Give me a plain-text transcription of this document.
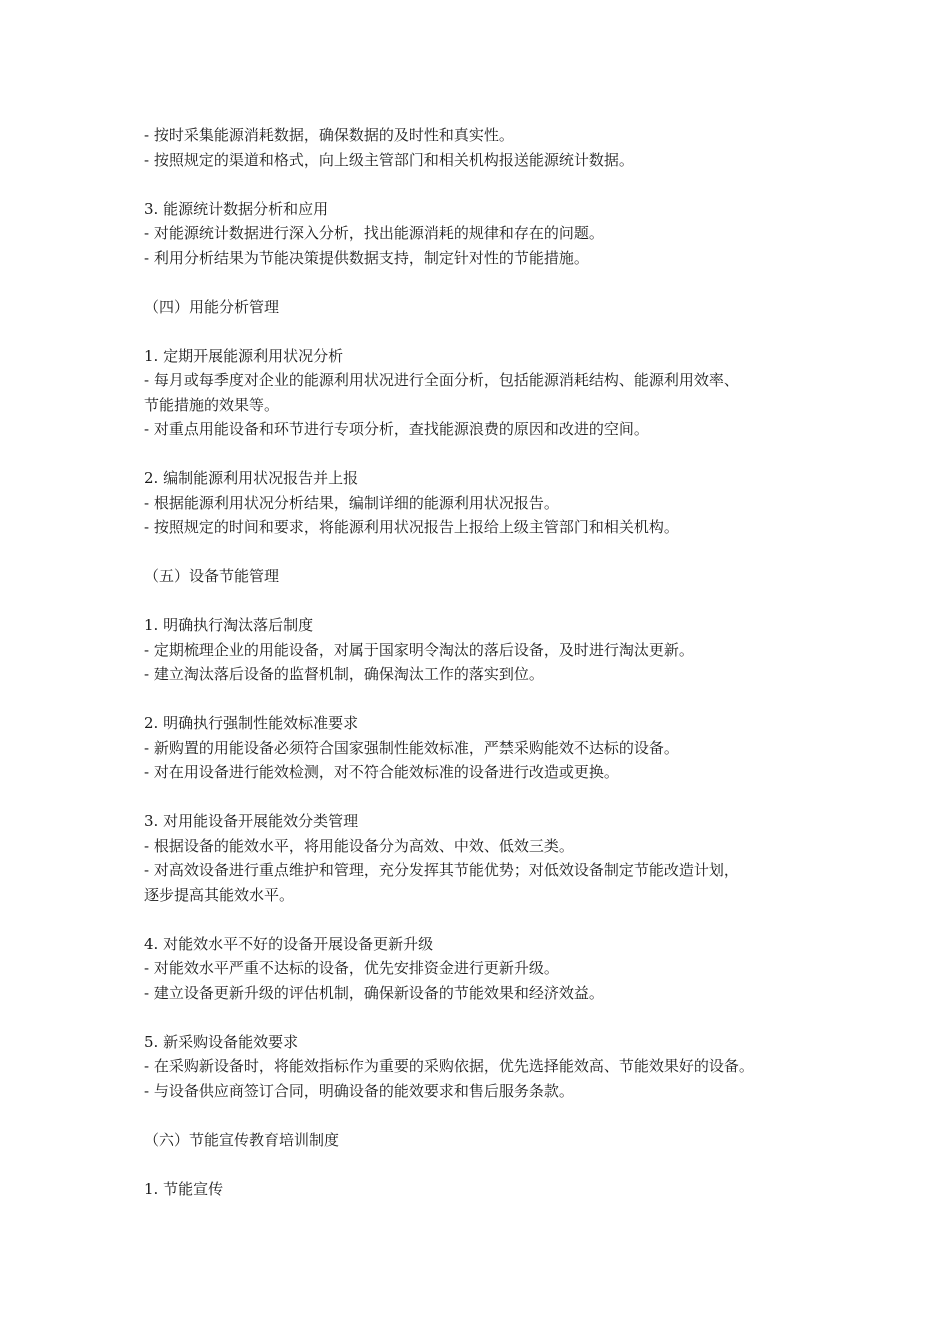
- 按时采集能源消耗数据，确保数据的及时性和真实性。
- 按照规定的渠道和格式，向上级主管部门和相关机构报送能源统计数据。
3. 能源统计数据分析和应用
- 对能源统计数据进行深入分析，找出能源消耗的规律和存在的问题。
- 利用分析结果为节能决策提供数据支持，制定针对性的节能措施。
（四）用能分析管理
1. 定期开展能源利用状况分析
- 每月或每季度对企业的能源利用状况进行全面分析，包括能源消耗结构、能源利用效率、
节能措施的效果等。
- 对重点用能设备和环节进行专项分析，查找能源浪费的原因和改进的空间。
2. 编制能源利用状况报告并上报
- 根据能源利用状况分析结果，编制详细的能源利用状况报告。
- 按照规定的时间和要求，将能源利用状况报告上报给上级主管部门和相关机构。
（五）设备节能管理
1. 明确执行淘汰落后制度
- 定期梳理企业的用能设备，对属于国家明令淘汰的落后设备，及时进行淘汰更新。
- 建立淘汰落后设备的监督机制，确保淘汰工作的落实到位。
2. 明确执行强制性能效标准要求
- 新购置的用能设备必须符合国家强制性能效标准，严禁采购能效不达标的设备。
- 对在用设备进行能效检测，对不符合能效标准的设备进行改造或更换。
3. 对用能设备开展能效分类管理
- 根据设备的能效水平，将用能设备分为高效、中效、低效三类。
- 对高效设备进行重点维护和管理，充分发挥其节能优势；对低效设备制定节能改造计划，
逐步提高其能效水平。
4. 对能效水平不好的设备开展设备更新升级
- 对能效水平严重不达标的设备，优先安排资金进行更新升级。
- 建立设备更新升级的评估机制，确保新设备的节能效果和经济效益。
5. 新采购设备能效要求
- 在采购新设备时，将能效指标作为重要的采购依据，优先选择能效高、节能效果好的设备。
- 与设备供应商签订合同，明确设备的能效要求和售后服务条款。
（六）节能宣传教育培训制度
1. 节能宣传
